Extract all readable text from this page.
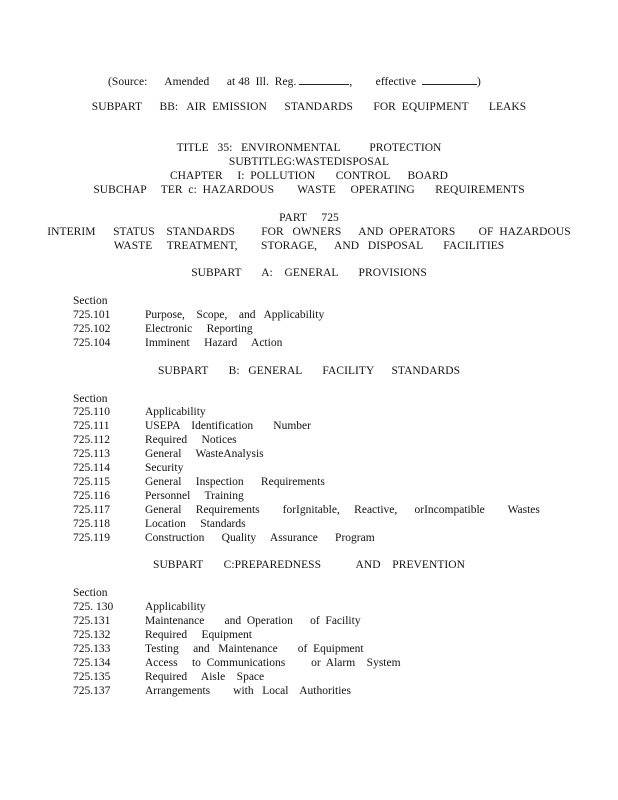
(Source:      Amended      at 48  Ill.  Reg.	,        effective	)
SUBPART      BB:   AIR  EMISSION      STANDARDS       FOR  EQUIPMENT       LEAKS
TITLE   35:   ENVIRONMENTAL          PROTECTION
SUBTITLEG:WASTEDISPOSAL
CHAPTER     I:  POLLUTION       CONTROL      BOARD
SUBCHAP     TER  c:  HAZARDOUS        WASTE     OPERATING       REQUIREMENTS
PART     725
INTERIM      STATUS    STANDARDS         FOR   OWNERS      AND  OPERATORS        OF  HAZARDOUS
WASTE     TREATMENT,        STORAGE,      AND   DISPOSAL       FACILITIES
SUBPART       A:    GENERAL       PROVISIONS
Section
725.101	Purpose,    Scope,    and   Applicability
725.102	Electronic     Reporting
725.104	Imminent     Hazard     Action
SUBPART       B:   GENERAL       FACILITY      STANDARDS
Section
725.110	Applicability
725.111	USEPA    Identification       Number
725.112	Required     Notices
725.113	General     WasteAnalysis
725.114	Security
725.115	General     Inspection      Requirements
725.116	Personnel     Training
725.117	General     Requirements        forIgnitable,     Reactive,      orIncompatible        Wastes
725.118	Location     Standards
725.119	Construction      Quality     Assurance      Program
SUBPART       C:PREPAREDNESS            AND    PREVENTION
Section
725. 130	Applicability
725.131	Maintenance       and  Operation      of  Facility
725.132	Required     Equipment
725.133	Testing     and   Maintenance       of  Equipment
725.134	Access     to  Communications         or  Alarm    System
725.135	Required     Aisle    Space
725.137	Arrangements        with   Local    Authorities
